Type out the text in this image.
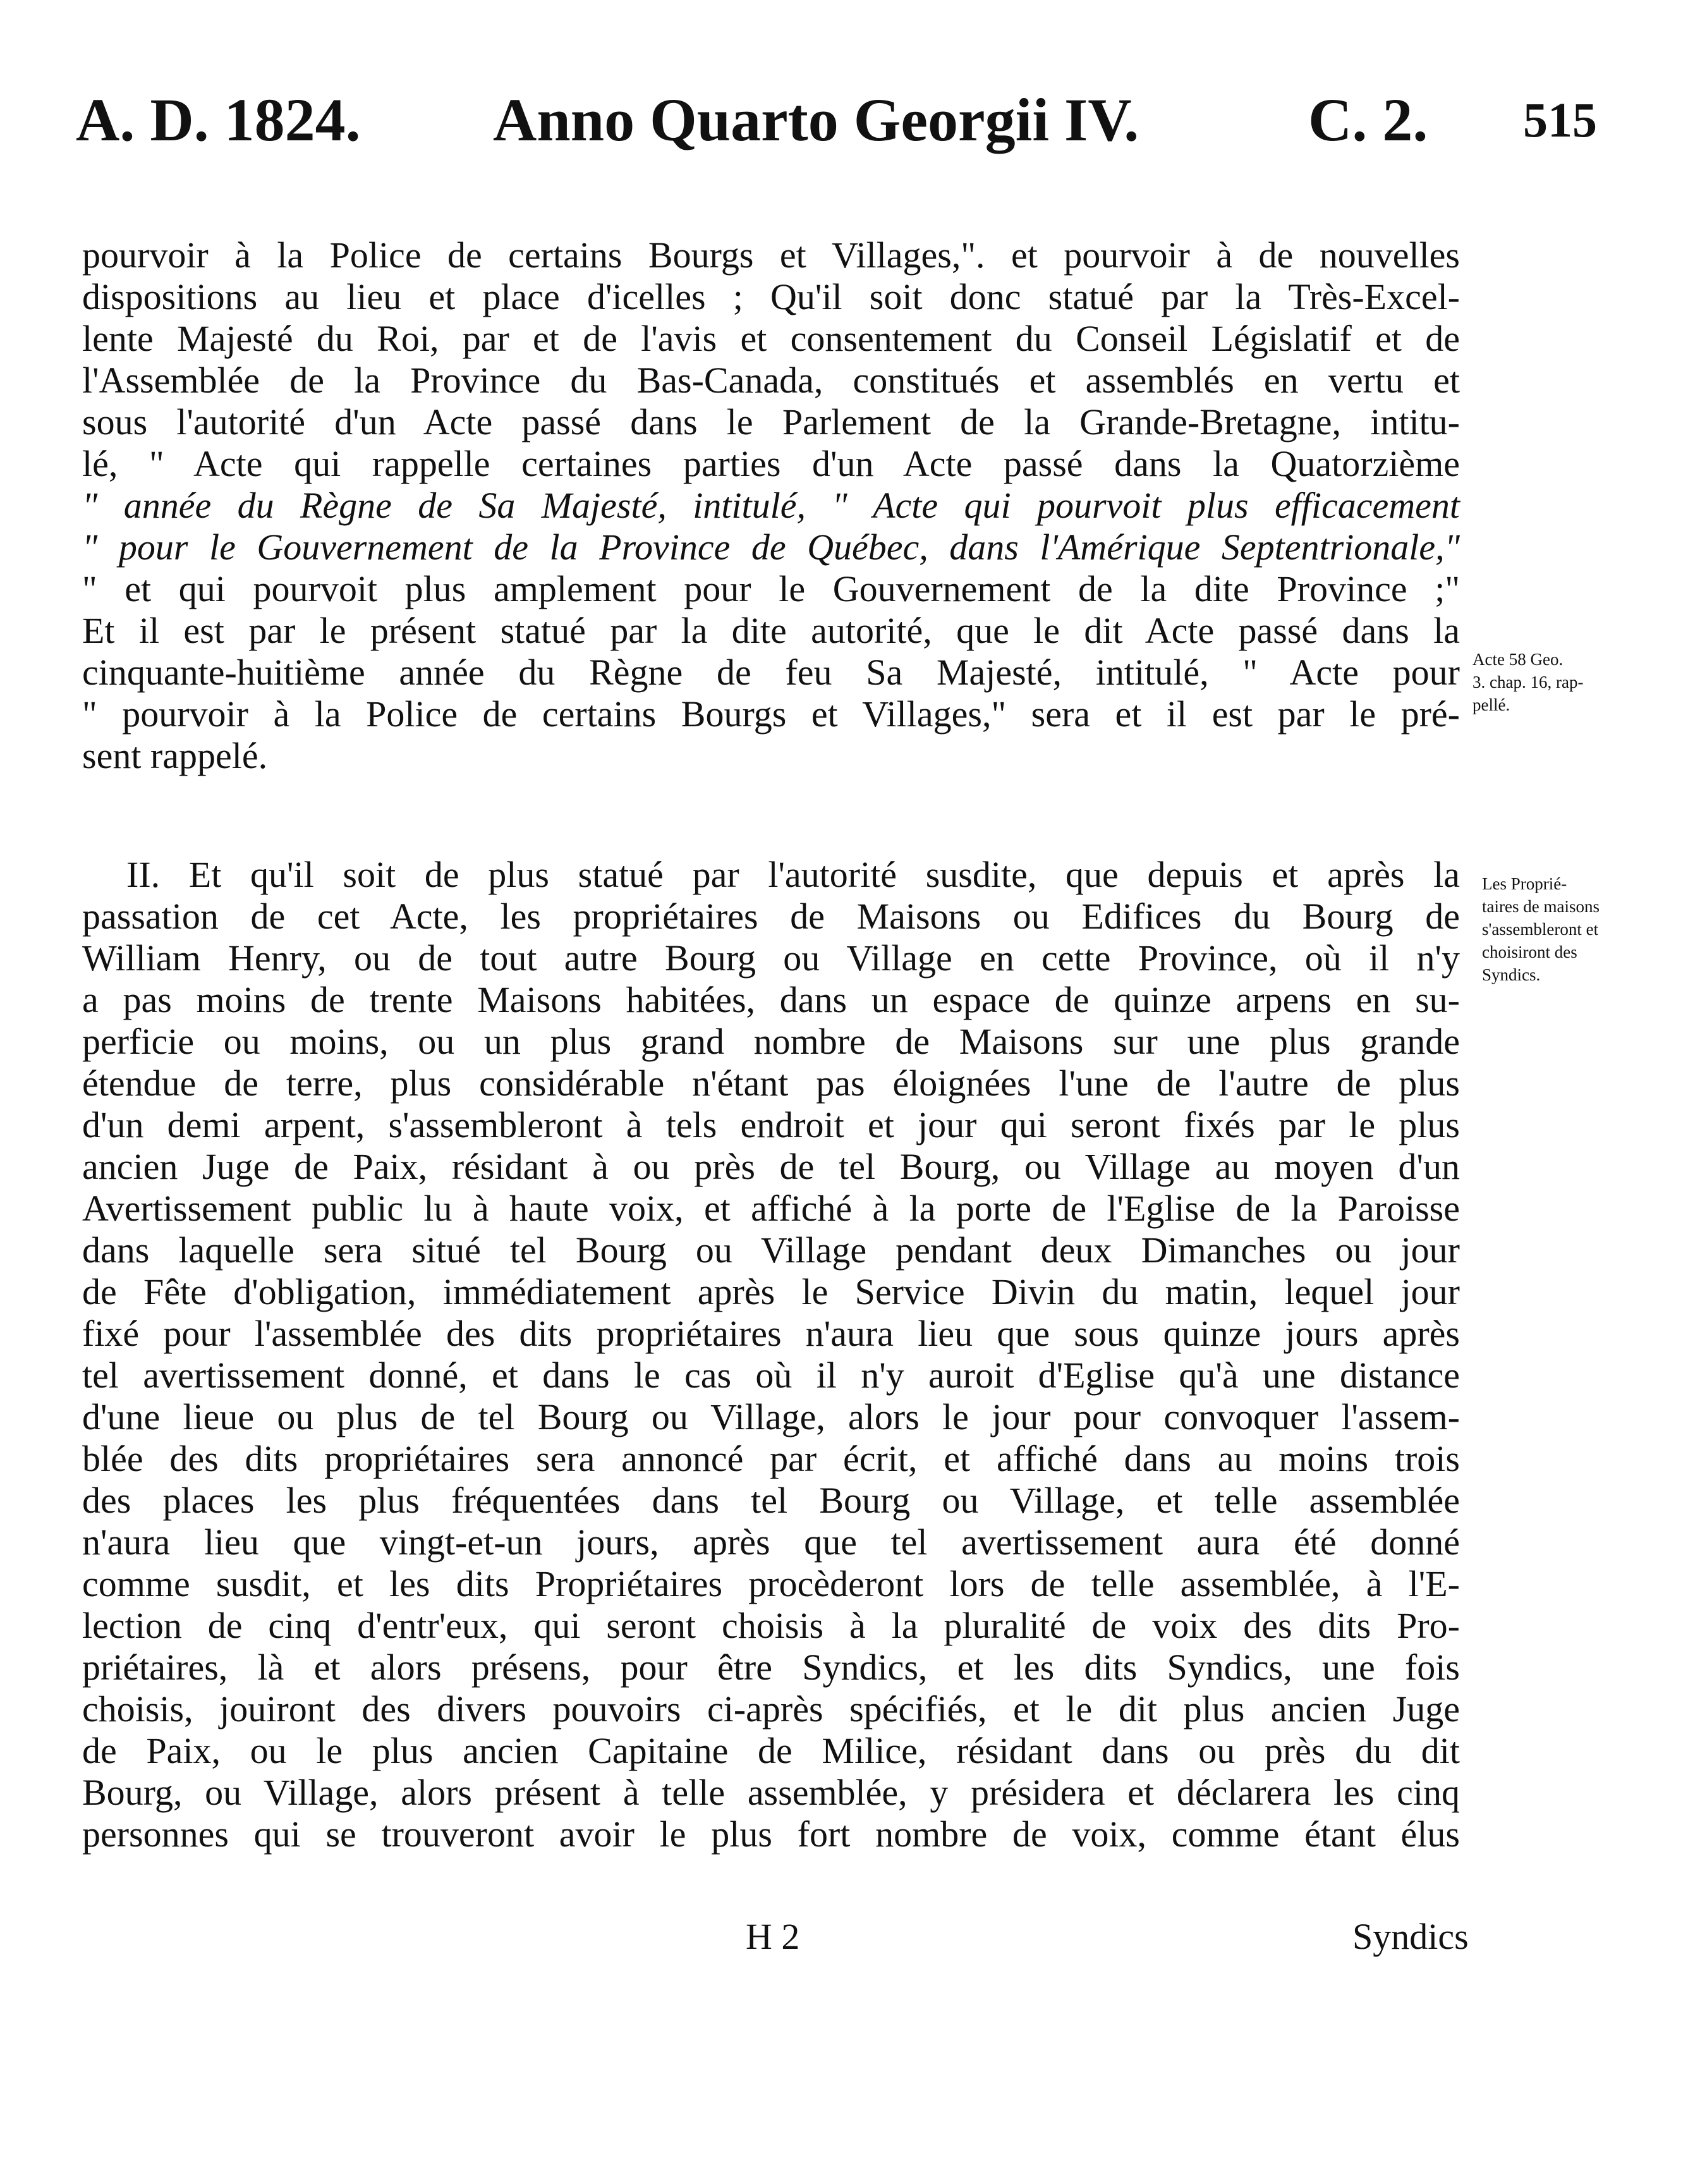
A. D. 1824. Anno Quarto Georgii IV.	C. 2. 515
pourvoir à la Police de certains Bourgs et Villages,". et pourvoir à de nouvelles
dispositions au lieu et place d'icelles ; Qu'il soit donc statué par la Très-Excel-
lente Majesté du Roi, par et de l'avis et consentement du Conseil Législatif et de
l'Assemblée de la Province du Bas-Canada, constitués et assemblés en vertu et
sous l'autorité d'un Acte passé dans le Parlement de la Grande-Bretagne, intitu-
lé, " Acte qui rappelle certaines parties d'un Acte passé dans la Quatorzième
" année du Règne de Sa Majesté, intitulé, " Acte qui pourvoit plus efficacement
" pour le Gouvernement de la Province de Québec, dans l'Amérique Septentrionale,"
" et qui pourvoit plus amplement pour le Gouvernement de la dite Province ;"
Et il est par le présent statué par la dite autorité, que le dit Acte passé dans la
cinquante-huitième année du Règne de feu Sa Majesté, intitulé, " Acte pour
" pourvoir à la Police de certains Bourgs et Villages," sera et il est par le pré-
sent rappelé.
Acte 58 Geo.
3. chap. 16, rap-
pellé.
II. Et qu'il soit de plus statué par l'autorité susdite, que depuis et après la
passation de cet Acte, les propriétaires de Maisons ou Edifices du Bourg de
William Henry, ou de tout autre Bourg ou Village en cette Province, où il n'y
a pas moins de trente Maisons habitées, dans un espace de quinze arpens en su-
perficie ou moins, ou un plus grand nombre de Maisons sur une plus grande
étendue de terre, plus considérable n'étant pas éloignées l'une de l'autre de plus
d'un demi arpent, s'assembleront à tels endroit et jour qui seront fixés par le plus
ancien Juge de Paix, résidant à ou près de tel Bourg, ou Village au moyen d'un
Avertissement public lu à haute voix, et affiché à la porte de l'Eglise de la Paroisse
dans laquelle sera situé tel Bourg ou Village pendant deux Dimanches ou jour
de Fête d'obligation, immédiatement après le Service Divin du matin, lequel jour
fixé pour l'assemblée des dits propriétaires n'aura lieu que sous quinze jours après
tel avertissement donné, et dans le cas où il n'y auroit d'Eglise qu'à une distance
d'une lieue ou plus de tel Bourg ou Village, alors le jour pour convoquer l'assem-
blée des dits propriétaires sera annoncé par écrit, et affiché dans au moins trois
des places les plus fréquentées dans tel Bourg ou Village, et telle assemblée
n'aura lieu que vingt-et-un jours, après que tel avertissement aura été donné
comme susdit, et les dits Propriétaires procèderont lors de telle assemblée, à l'E-
lection de cinq d'entr'eux, qui seront choisis à la pluralité de voix des dits Pro-
priétaires, là et alors présens, pour être Syndics, et les dits Syndics, une fois
choisis, jouiront des divers pouvoirs ci-après spécifiés, et le dit plus ancien Juge
de Paix, ou le plus ancien Capitaine de Milice, résidant dans ou près du dit
Bourg, ou Village, alors présent à telle assemblée, y présidera et déclarera les cinq
personnes qui se trouveront avoir le plus fort nombre de voix, comme étant élus
Les Proprié-
taires de maisons
s'assembleront et
choisiront des
Syndics.
H 2	Syndics
